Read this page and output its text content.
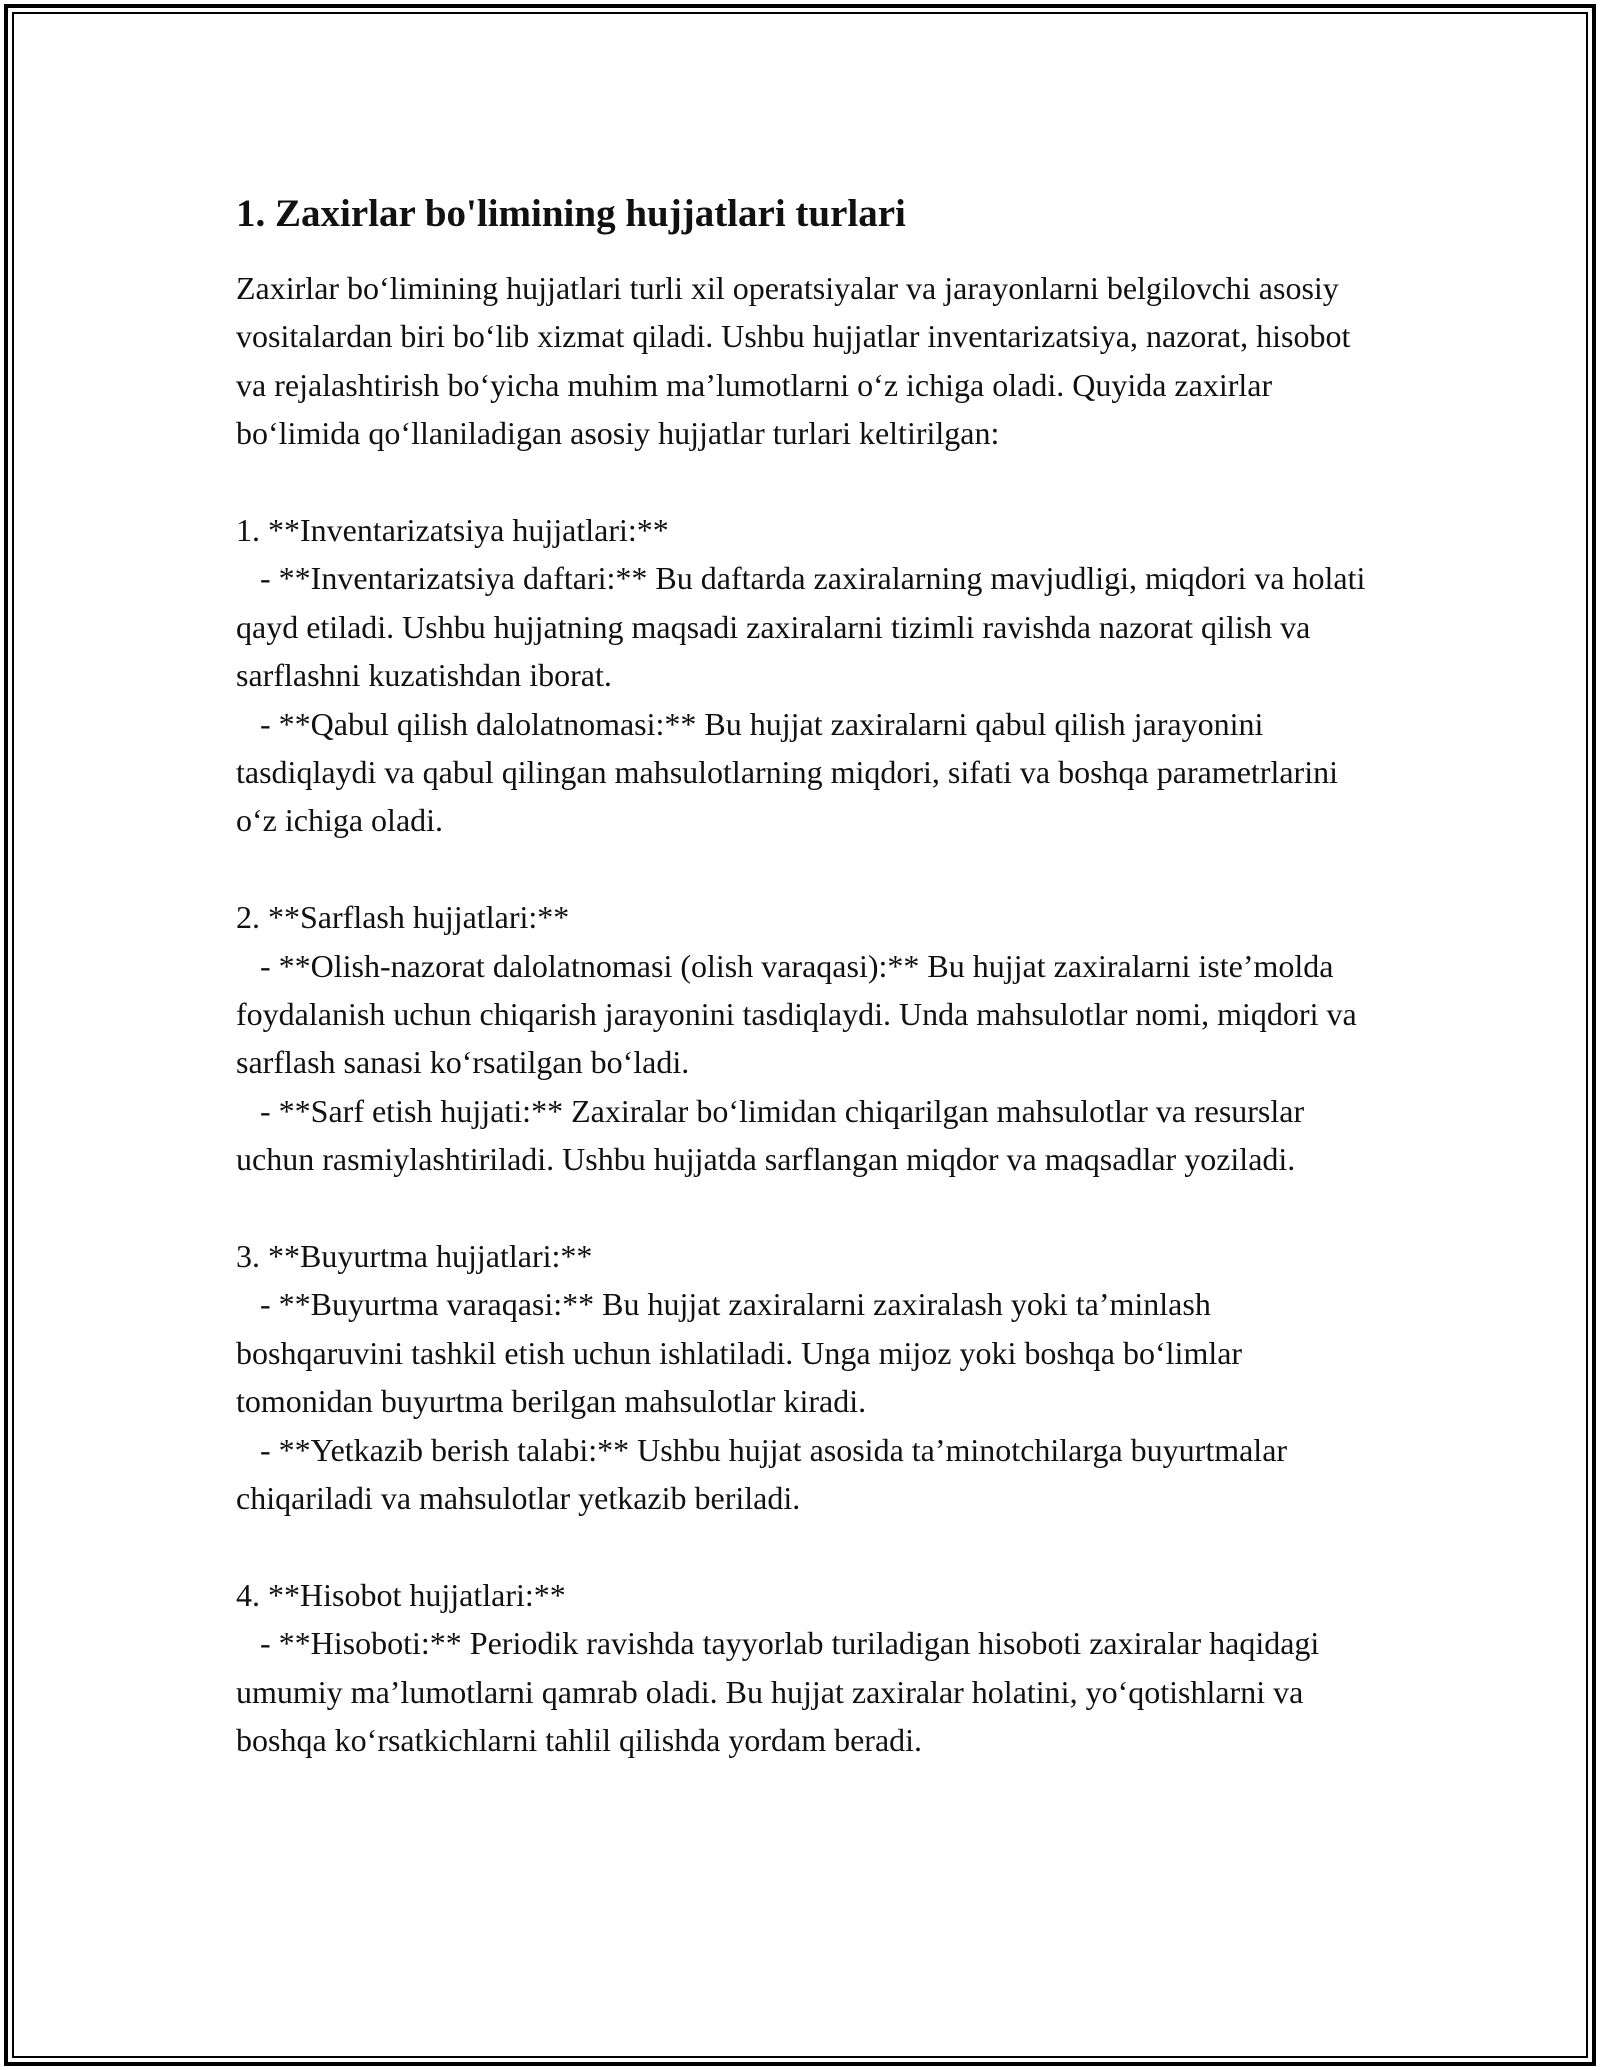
1. Zaxirlar bo'limining hujjatlari turlari

Zaxirlar bo‘limining hujjatlari turli xil operatsiyalar va jarayonlarni belgilovchi asosiy vositalardan biri bo‘lib xizmat qiladi. Ushbu hujjatlar inventarizatsiya, nazorat, hisobot va rejalashtirish bo‘yicha muhim ma’lumotlarni o‘z ichiga oladi. Quyida zaxirlar bo‘limida qo‘llaniladigan asosiy hujjatlar turlari keltirilgan:

1. **Inventarizatsiya hujjatlari:**

- **Inventarizatsiya daftari:** Bu daftarda zaxiralarning mavjudligi, miqdori va holati qayd etiladi. Ushbu hujjatning maqsadi zaxiralarni tizimli ravishda nazorat qilish va sarflashni kuzatishdan iborat.

- **Qabul qilish dalolatnomasi:** Bu hujjat zaxiralarni qabul qilish jarayonini tasdiqlaydi va qabul qilingan mahsulotlarning miqdori, sifati va boshqa parametrlarini o‘z ichiga oladi.

2. **Sarflash hujjatlari:**

- **Olish-nazorat dalolatnomasi (olish varaqasi):** Bu hujjat zaxiralarni iste’molda foydalanish uchun chiqarish jarayonini tasdiqlaydi. Unda mahsulotlar nomi, miqdori va sarflash sanasi ko‘rsatilgan bo‘ladi.

- **Sarf etish hujjati:** Zaxiralar bo‘limidan chiqarilgan mahsulotlar va resurslar uchun rasmiylashtiriladi. Ushbu hujjatda sarflangan miqdor va maqsadlar yoziladi.

3. **Buyurtma hujjatlari:**

- **Buyurtma varaqasi:** Bu hujjat zaxiralarni zaxiralash yoki ta’minlash boshqaruvini tashkil etish uchun ishlatiladi. Unga mijoz yoki boshqa bo‘limlar tomonidan buyurtma berilgan mahsulotlar kiradi.

- **Yetkazib berish talabi:** Ushbu hujjat asosida ta’minotchilarga buyurtmalar chiqariladi va mahsulotlar yetkazib beriladi.

4. **Hisobot hujjatlari:**

- **Hisoboti:** Periodik ravishda tayyorlab turiladigan hisoboti zaxiralar haqidagi umumiy ma’lumotlarni qamrab oladi. Bu hujjat zaxiralar holatini, yo‘qotishlarni va boshqa ko‘rsatkichlarni tahlil qilishda yordam beradi.
